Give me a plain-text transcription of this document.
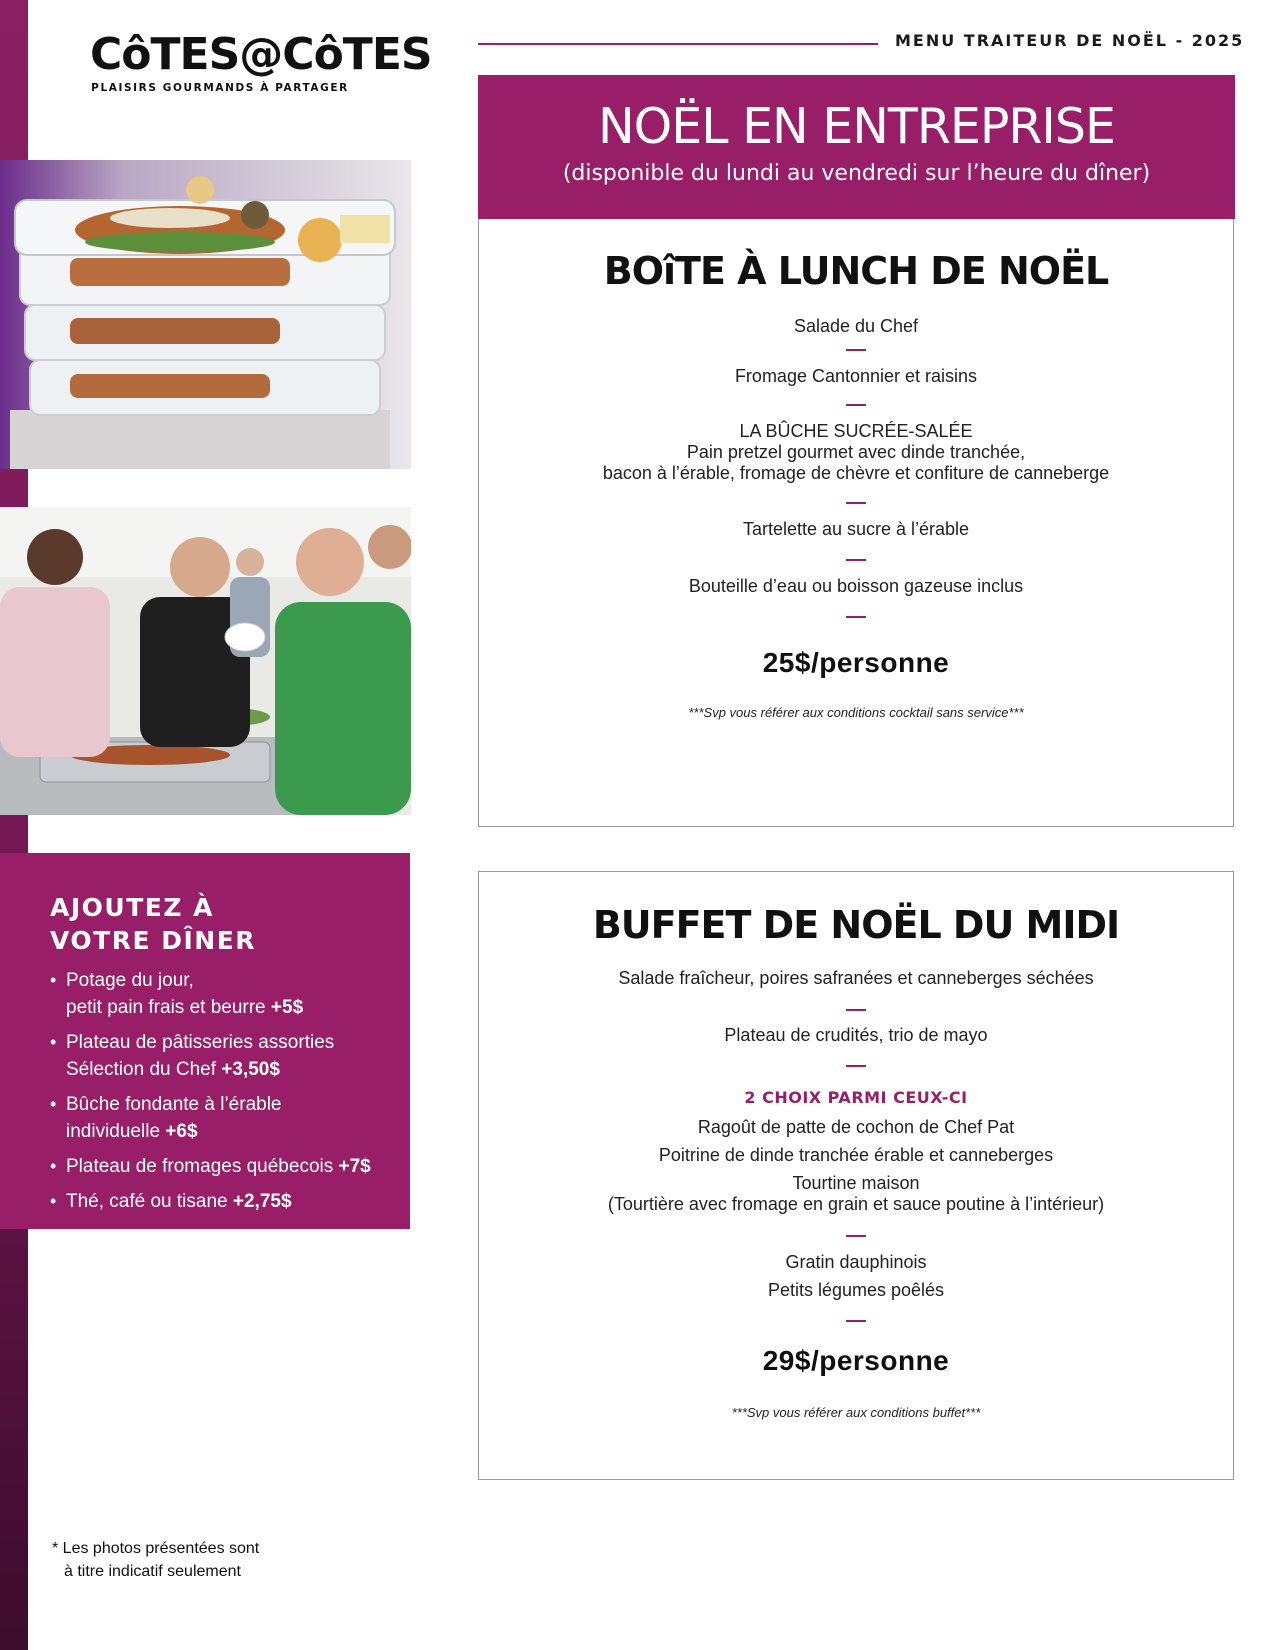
CôTES@CôTES
PLAISIRS GOURMANDS À PARTAGER
AJOUTEZ À
VOTRE DÎNER
• Potage du jour,
petit pain frais et beurre +5$
• Plateau de pâtisseries assorties
Sélection du Chef +3,50$
• Bûche fondante à l’érable
individuelle +6$
• Plateau de fromages québecois +7$
• Thé, café ou tisane +2,75$
* Les photos présentées sont
à titre indicatif seulement
MENU TRAITEUR DE NOËL - 2025
NOËL EN ENTREPRISE
(disponible du lundi au vendredi sur l’heure du dîner)
BOîTE À LUNCH DE NOËL
Salade du Chef
Fromage Cantonnier et raisins
LA BÛCHE SUCRÉE-SALÉE
Pain pretzel gourmet avec dinde tranchée,
bacon à l’érable, fromage de chèvre et confiture de canneberge
Tartelette au sucre à l’érable
Bouteille d’eau ou boisson gazeuse inclus
25$/personne
***Svp vous référer aux conditions cocktail sans service***
BUFFET DE NOËL DU MIDI
Salade fraîcheur, poires safranées et canneberges séchées
Plateau de crudités, trio de mayo
2 CHOIX PARMI CEUX-CI
Ragoût de patte de cochon de Chef Pat
Poitrine de dinde tranchée érable et canneberges
Tourtine maison
(Tourtière avec fromage en grain et sauce poutine à l’intérieur)
Gratin dauphinois
Petits légumes poêlés
29$/personne
***Svp vous référer aux conditions buffet***
